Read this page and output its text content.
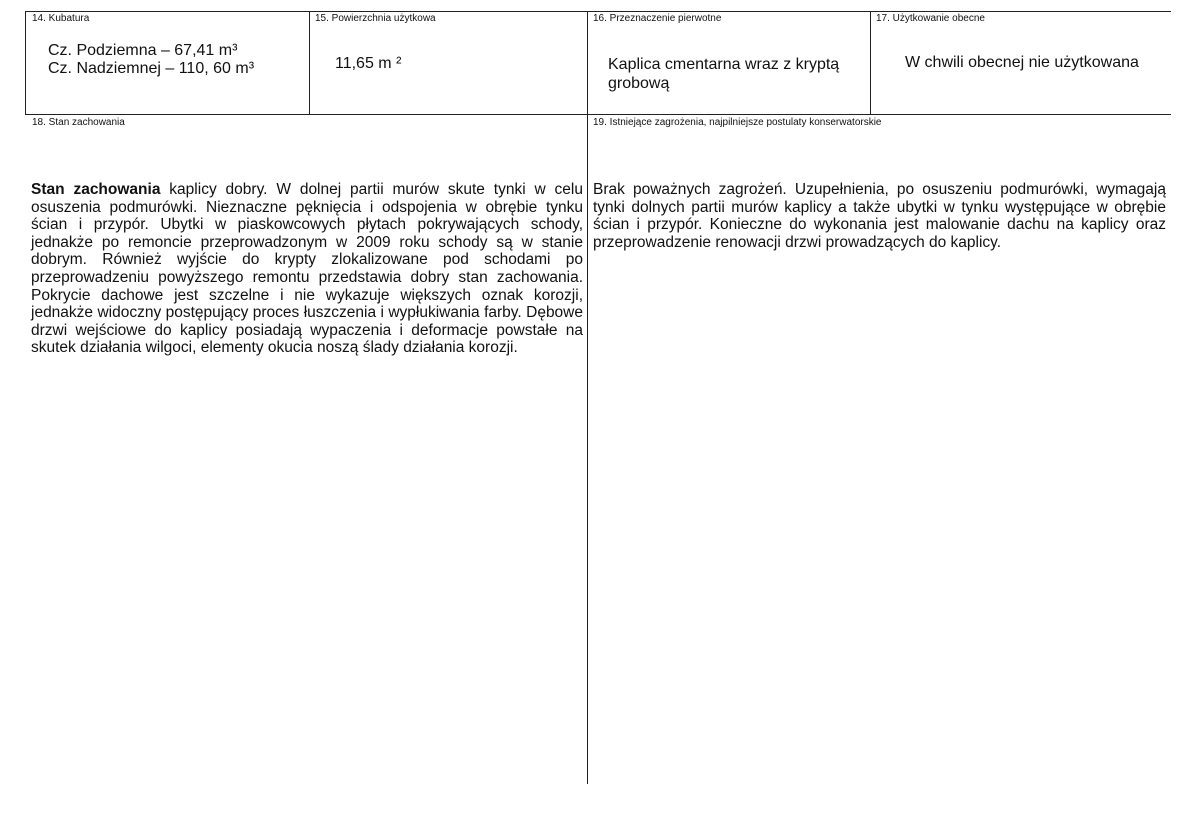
14. Kubatura
Cz. Podziemna – 67,41 m³
Cz. Nadziemnej – 110, 60 m³
15. Powierzchnia użytkowa
11,65 m ²
16. Przeznaczenie pierwotne
Kaplica cmentarna wraz z kryptą
grobową
17. Użytkowanie obecne
W chwili obecnej nie użytkowana
18. Stan zachowania
Stan zachowania kaplicy dobry. W dolnej partii murów skute tynki w celu osuszenia podmurówki. Nieznaczne pęknięcia i odspojenia w obrębie tynku ścian i przypór. Ubytki w piaskowcowych płytach pokrywających schody, jednakże po remoncie przeprowadzonym w 2009 roku schody są w stanie dobrym. Również wyjście do krypty zlokalizowane pod schodami po przeprowadzeniu powyższego remontu przedstawia dobry stan zachowania. Pokrycie dachowe jest szczelne i nie wykazuje większych oznak korozji, jednakże widoczny postępujący proces łuszczenia i wypłukiwania farby. Dębowe drzwi wejściowe do kaplicy posiadają wypaczenia i deformacje powstałe na skutek działania wilgoci, elementy okucia noszą ślady działania korozji.
19. Istniejące zagrożenia, najpilniejsze postulaty konserwatorskie
Brak poważnych zagrożeń. Uzupełnienia, po osuszeniu podmurówki, wymagają tynki dolnych partii murów kaplicy a także ubytki w tynku występujące w obrębie ścian i przypór. Konieczne do wykonania jest malowanie dachu na kaplicy oraz przeprowadzenie renowacji drzwi prowadzących do kaplicy.
